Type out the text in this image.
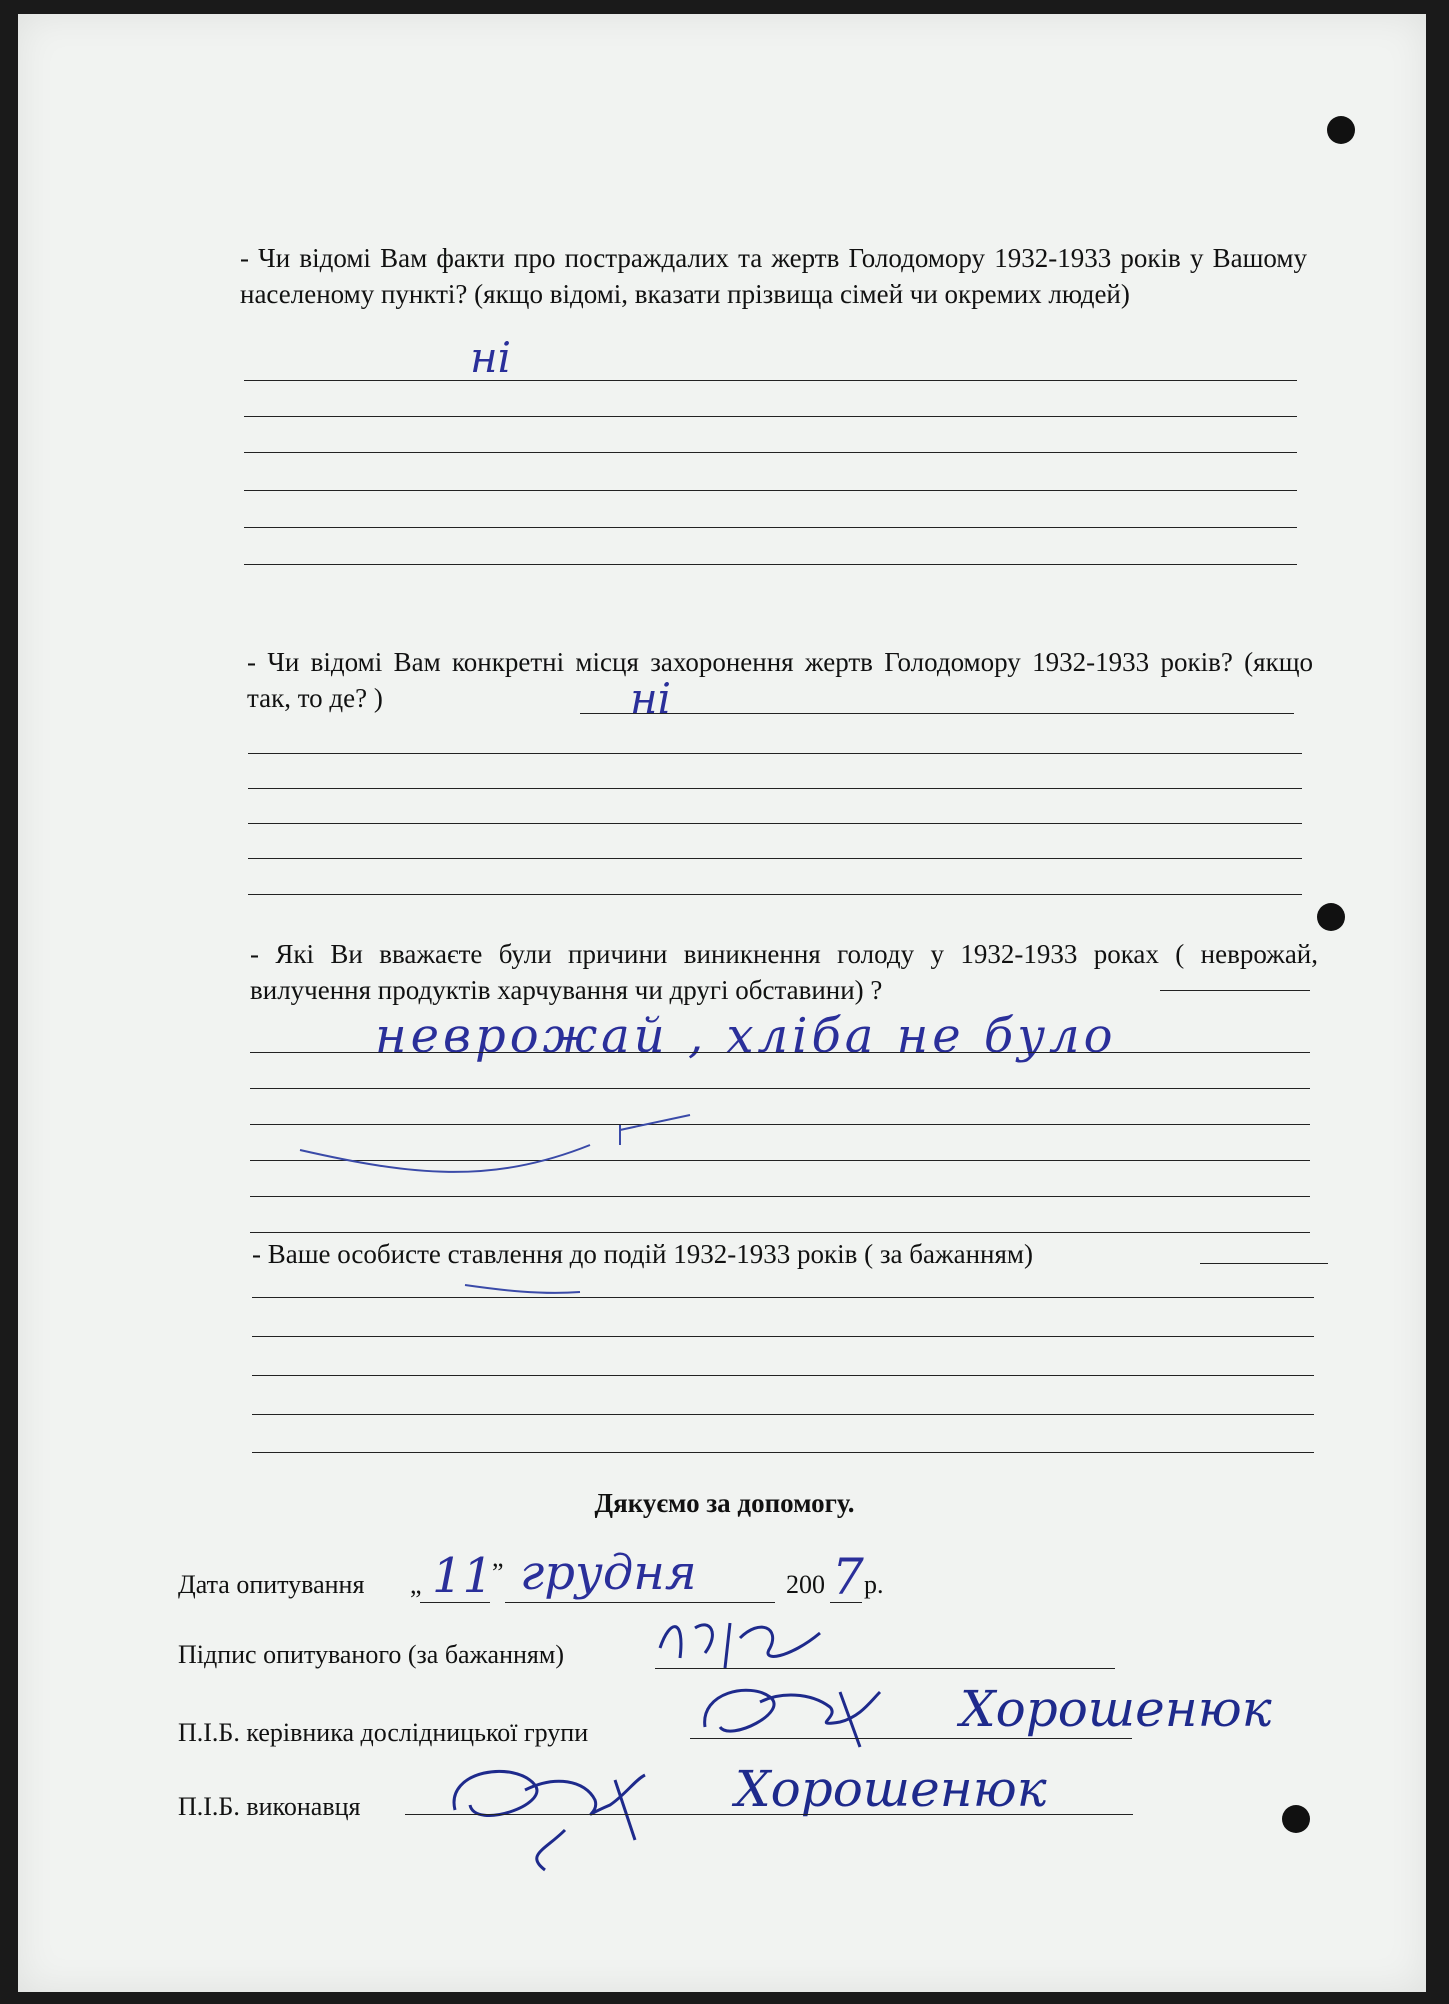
- Чи відомі Вам факти про постраждалих та жертв Голодомору 1932-1933 років у Вашому населеному пункті? (якщо відомі, вказати прізвища сімей чи окремих людей)
ні
- Чи відомі Вам конкретні місця захоронення жертв Голодомору 1932-1933 років? (якщо так, то де? )	ні
- Які Ви вважаєте були причини виникнення голоду у 1932-1933 роках ( неврожай, вилучення продуктів харчування чи другі обставини) ?
неврожай , хліба не було
- Ваше особисте ставлення до подій 1932-1933 років ( за бажанням)
Дякуємо за допомогу.
Дата опитування „ 11
” грудня	200 7 р.
Підпис опитуваного (за бажанням)
П.І.Б. керівника дослідницької групи	Хорошенюк
П.І.Б. виконавця	Хорошенюк
